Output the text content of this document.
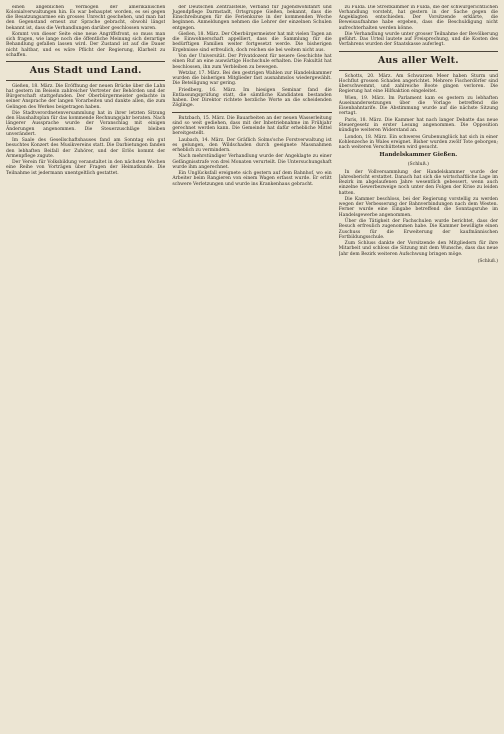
einen angeblichen Vermögen der amerikanischen Kolonialverwaltungen hin. Es war behauptet worden, es sei gegen die Besatzungsarmee ein grosses Unrecht geschehen, und man hat den Gegenstand erneut zur Sprache gebracht, obwohl längst bekannt ist, dass die Verhandlungen darüber geschlossen waren.

Kommt von dieser Seite eine neue Angriffsfront, so muss man sich fragen, wie lange noch die öffentliche Meinung sich derartige Behandlung gefallen lassen wird. Der Zustand ist auf die Dauer nicht haltbar, und es wäre Pflicht der Regierung, Klarheit zu schaffen.

Aus Stadt und Land.

Gießen, 18. März. Die Eröffnung der neuen Brücke über die Lahn hat gestern im Beisein zahlreicher Vertreter der Behörden und der Bürgerschaft stattgefunden. Der Oberbürgermeister gedachte in seiner Ansprache der langen Vorarbeiten und dankte allen, die zum Gelingen des Werkes beigetragen haben.

Die Stadtverordnetenversammlung hat in ihrer letzten Sitzung den Haushaltsplan für das kommende Rechnungsjahr beraten. Nach längerer Aussprache wurde der Voranschlag mit einigen Änderungen angenommen. Die Steuerzuschläge bleiben unverändert.

Im Saale des Gesellschaftshauses fand am Sonntag ein gut besuchtes Konzert des Musikvereins statt. Die Darbietungen fanden den lebhaften Beifall der Zuhörer, und der Erlös kommt der Armenpflege zugute.

Der Verein für Volksbildung veranstaltet in den nächsten Wochen eine Reihe von Vorträgen über Fragen der Heimatkunde. Die Teilnahme ist jedermann unentgeltlich gestattet.

der Deutschen Zentralstelle, Verband für Jugendwohlfahrt und Jugendpflege Darmstadt, Ortsgruppe Gießen, bekannt, dass die Einschreibungen für die Ferienkurse in der kommenden Woche beginnen. Anmeldungen nehmen die Lehrer der einzelnen Schulen entgegen.

Gießen, 18. März. Der Oberbürgermeister hat mit vielen Tagen an die Einwohnerschaft appelliert, dass die Sammlung für die bedürftigen Familien weiter fortgesetzt werde. Die bisherigen Ergebnisse sind erfreulich, doch reichen sie bei weitem nicht aus.

Von der Universität. Der Privatdozent für neuere Geschichte hat einen Ruf an eine auswärtige Hochschule erhalten. Die Fakultät hat beschlossen, ihn zum Verbleiben zu bewegen.

Wetzlar, 17. März. Bei den gestrigen Wahlen zur Handelskammer wurden die bisherigen Mitglieder fast ausnahmslos wiedergewählt. Die Beteiligung war gering.

Friedberg, 16. März. Im hiesigen Seminar fand die Entlassungsprüfung statt, die sämtliche Kandidaten bestanden haben. Der Direktor richtete herzliche Worte an die scheidenden Zöglinge.

Butzbach, 15. März. Die Bauarbeiten an der neuen Wasserleitung sind so weit gediehen, dass mit der Inbetriebnahme im Frühjahr gerechnet werden kann. Die Gemeinde hat dafür erhebliche Mittel bereitgestellt.

Laubach, 14. März. Der Gräflich Solms'sche Forstverwaltung ist es gelungen, den Wildschaden durch geeignete Massnahmen erheblich zu vermindern.

Nach mehrstündiger Verhandlung wurde der Angeklagte zu einer Gefängnisstrafe von drei Monaten verurteilt. Die Untersuchungshaft wurde ihm angerechnet.

Ein Unglücksfall ereignete sich gestern auf dem Bahnhof, wo ein Arbeiter beim Rangieren von einem Wagen erfasst wurde. Er erlitt schwere Verletzungen und wurde ins Krankenhaus gebracht.

zu Fulda. Die Streitkammer in Fulda, die der schwurgerichtlichen Verhandlung vorsteht, hat gestern in der Sache gegen die Angeklagten entschieden. Der Vorsitzende erklärte, die Beweisaufnahme habe ergeben, dass die Beschuldigung nicht aufrechterhalten werden könne.

Die Verhandlung wurde unter grosser Teilnahme der Bevölkerung geführt. Das Urteil lautete auf Freisprechung, und die Kosten des Verfahrens wurden der Staatskasse auferlegt.

Aus aller Welt.

Schotts, 20. März. Am Schwarzen Meer haben Sturm und Hochflut grossen Schaden angerichtet. Mehrere Fischerdörfer sind überschwemmt, und zahlreiche Boote gingen verloren. Die Regierung hat eine Hilfsaktion eingeleitet.

Wien, 19. März. Im Parlament kam es gestern zu lebhaften Auseinandersetzungen über die Vorlage betreffend die Eisenbahntarife. Die Abstimmung wurde auf die nächste Sitzung vertagt.

Paris, 18. März. Die Kammer hat nach langer Debatte das neue Steuergesetz in erster Lesung angenommen. Die Opposition kündigte weiteren Widerstand an.

London, 18. März. Ein schweres Grubenunglück hat sich in einer Kohlenzeche in Wales ereignet. Bisher wurden zwölf Tote geborgen; nach weiteren Verschütteten wird gesucht.

Handelskammer Gießen.
(Schluß.)

In der Vollversammlung der Handelskammer wurde der Jahresbericht erstattet. Danach hat sich die wirtschaftliche Lage im Bezirk im abgelaufenen Jahre wesentlich gebessert, wenn auch einzelne Gewerbezweige noch unter den Folgen der Krise zu leiden hatten.

Die Kammer beschloss, bei der Regierung vorstellig zu werden wegen der Verbesserung der Bahnverbindungen nach dem Westen. Ferner wurde eine Eingabe betreffend die Sonntagsruhe im Handelsgewerbe angenommen.

Über die Tätigkeit der Fachschulen wurde berichtet, dass der Besuch erfreulich zugenommen habe. Die Kammer bewilligte einen Zuschuss für die Erweiterung der kaufmännischen Fortbildungsschule.

Zum Schluss dankte der Vorsitzende den Mitgliedern für ihre Mitarbeit und schloss die Sitzung mit dem Wunsche, dass das neue Jahr dem Bezirk weiteren Aufschwung bringen möge.

(Schluß.)
